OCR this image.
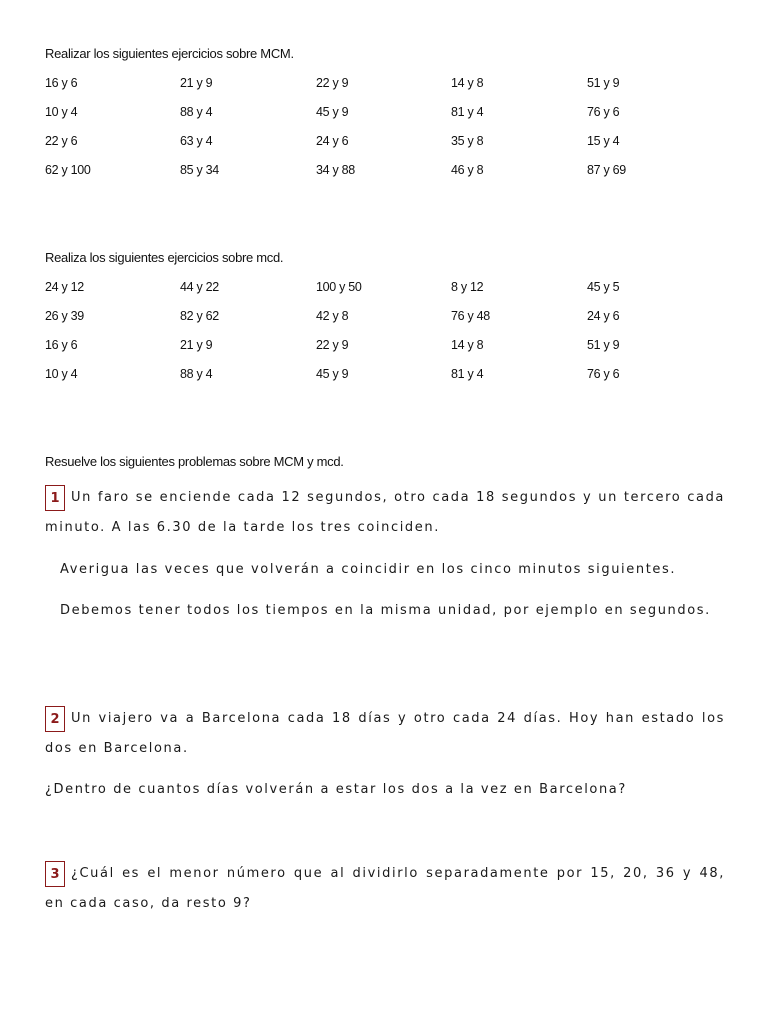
Realizar los siguientes ejercicios sobre MCM.
16 y 6	21 y 9	22 y 9	14 y 8	51 y 9
10 y 4	88 y 4	45 y 9	81 y 4	76 y 6
22 y 6	63 y 4	24 y 6	35 y 8	15 y 4
62 y 100	85 y 34	34 y 88	46 y 8	87 y 69
Realiza los siguientes ejercicios sobre mcd.
24 y 12	44 y 22	100 y 50	8 y 12	45 y 5
26 y 39	82 y 62	42 y 8	76 y 48	24 y 6
16 y 6	21 y 9	22 y 9	14 y 8	51 y 9
10 y 4	88 y 4	45 y 9	81 y 4	76 y 6
Resuelve los siguientes problemas sobre MCM y mcd.
1 Un faro se enciende cada 12 segundos, otro cada 18 segundos y un tercero cada minuto. A las 6.30 de la tarde los tres coinciden.
Averigua las veces que volverán a coincidir en los cinco minutos siguientes.
Debemos tener todos los tiempos en la misma unidad, por ejemplo en segundos.
2 Un viajero va a Barcelona cada 18 días y otro cada 24 días. Hoy han estado los dos en Barcelona.
¿Dentro de cuantos días volverán a estar los dos a la vez en Barcelona?
3 ¿Cuál es el menor número que al dividirlo separadamente por 15, 20, 36 y 48, en cada caso, da resto 9?
